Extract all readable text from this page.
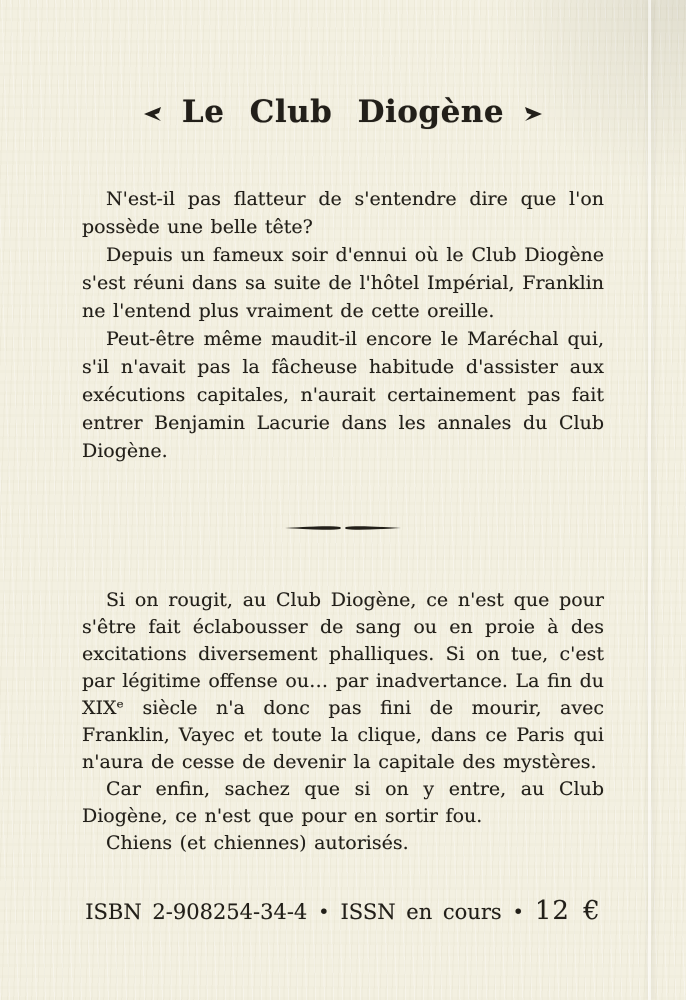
Le Club Diogène

N'est-il pas flatteur de s'entendre dire que l'on possède une belle tête?

Depuis un fameux soir d'ennui où le Club Diogène s'est réuni dans sa suite de l'hôtel Impérial, Franklin ne l'entend plus vraiment de cette oreille.

Peut-être même maudit-il encore le Maréchal qui, s'il n'avait pas la fâcheuse habitude d'assister aux exécutions capitales, n'aurait certainement pas fait entrer Benjamin Lacurie dans les annales du Club Diogène.

Si on rougit, au Club Diogène, ce n'est que pour s'être fait éclabousser de sang ou en proie à des excitations diversement phalliques. Si on tue, c'est par légitime offense ou… par inadvertance. La fin du XIXᵉ siècle n'a donc pas fini de mourir, avec Franklin, Vayec et toute la clique, dans ce Paris qui n'aura de cesse de devenir la capitale des mystères.

Car enfin, sachez que si on y entre, au Club Diogène, ce n'est que pour en sortir fou.

Chiens (et chiennes) autorisés.

ISBN 2-908254-34-4 • ISSN en cours • 12 €
